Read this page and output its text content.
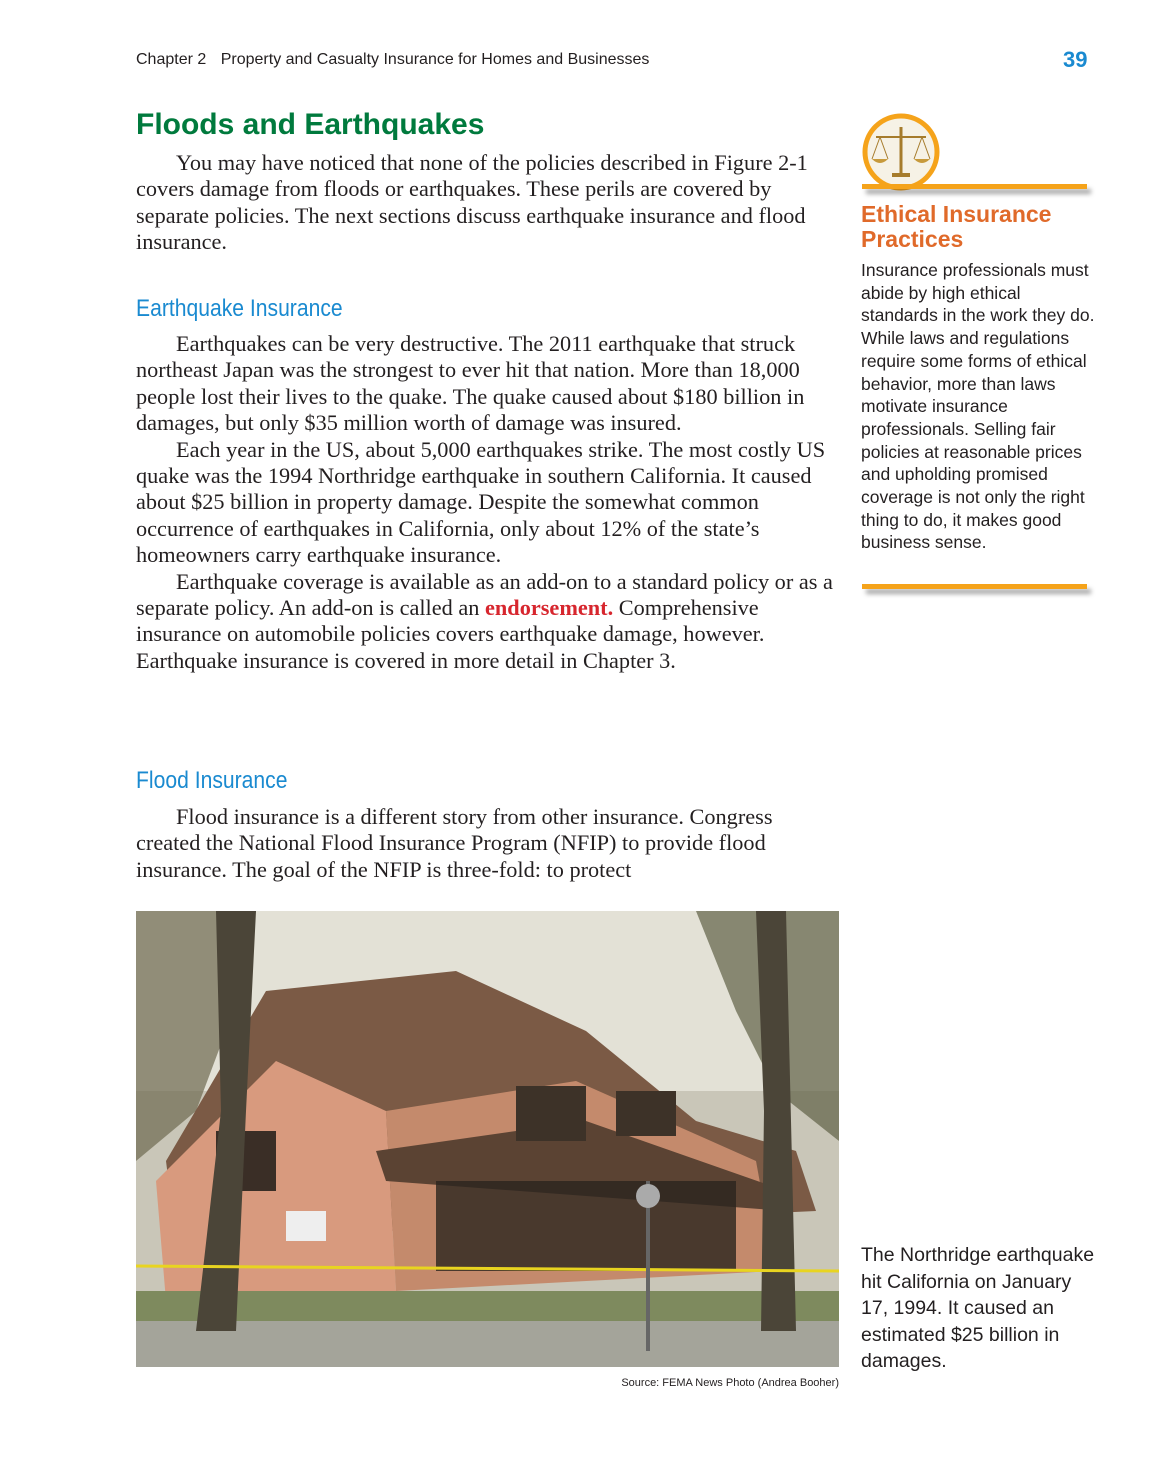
Chapter 2 Property and Casualty Insurance for Homes and Businesses	39
Floods and Earthquakes

You may have noticed that none of the policies described in Figure 2-1 covers damage from floods or earthquakes. These perils are covered by separate policies. The next sections discuss earthquake insurance and flood insurance.

Earthquake Insurance

Earthquakes can be very destructive. The 2011 earthquake that struck northeast Japan was the strongest to ever hit that nation. More than 18,000 people lost their lives to the quake. The quake caused about $180 billion in damages, but only $35 million worth of damage was insured.

Each year in the US, about 5,000 earthquakes strike. The most costly US quake was the 1994 Northridge earthquake in southern California. It caused about $25 billion in property damage. Despite the somewhat common occurrence of earthquakes in California, only about 12% of the state’s homeowners carry earthquake insurance.

Earthquake coverage is available as an add-on to a standard policy or as a separate policy. An add-on is called an endorsement. Comprehensive insurance on automobile policies covers earthquake damage, however. Earthquake insurance is covered in more detail in Chapter 3.

Flood Insurance

Flood insurance is a different story from other insurance. Congress created the National Flood Insurance Program (NFIP) to provide flood insurance. The goal of the NFIP is three-fold: to protect

Source: FEMA News Photo (Andrea Booher)
The Northridge earthquake hit California on January 17, 1994. It caused an estimated $25 billion in damages.
Ethical Insurance Practices
Insurance professionals must abide by high ethical standards in the work they do. While laws and regulations require some forms of ethical behavior, more than laws motivate insurance professionals. Selling fair policies at reasonable prices and upholding promised coverage is not only the right thing to do, it makes good business sense.
